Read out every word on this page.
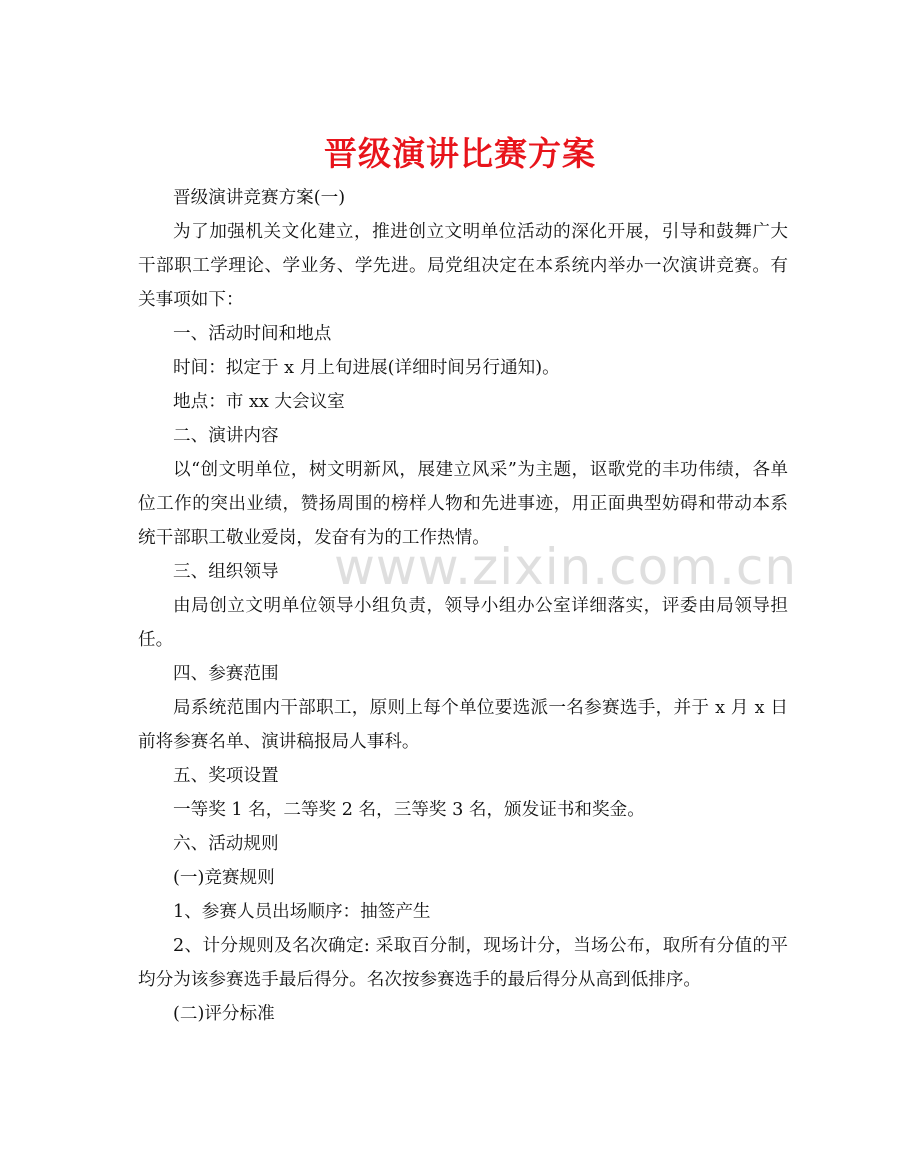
晋级演讲比赛方案

晋级演讲竞赛方案(一)

为了加强机关文化建立，推进创立文明单位活动的深化开展，引导和鼓舞广大干部职工学理论、学业务、学先进。局党组决定在本系统内举办一次演讲竞赛。有关事项如下：

一、活动时间和地点

时间：拟定于 x 月上旬进展(详细时间另行通知)。

地点：市 xx 大会议室

二、演讲内容

以“创文明单位，树文明新风，展建立风采”为主题，讴歌党的丰功伟绩，各单位工作的突出业绩，赞扬周围的榜样人物和先进事迹，用正面典型妨碍和带动本系统干部职工敬业爱岗，发奋有为的工作热情。

三、组织领导

由局创立文明单位领导小组负责，领导小组办公室详细落实，评委由局领导担任。

四、参赛范围

局系统范围内干部职工，原则上每个单位要选派一名参赛选手，并于 x 月 x 日前将参赛名单、演讲稿报局人事科。

五、奖项设置

一等奖 1 名，二等奖 2 名，三等奖 3 名，颁发证书和奖金。

六、活动规则

(一)竞赛规则

1、参赛人员出场顺序：抽签产生

2、计分规则及名次确定: 采取百分制，现场计分，当场公布，取所有分值的平均分为该参赛选手最后得分。名次按参赛选手的最后得分从高到低排序。

(二)评分标准

www.zixin.com.cn
